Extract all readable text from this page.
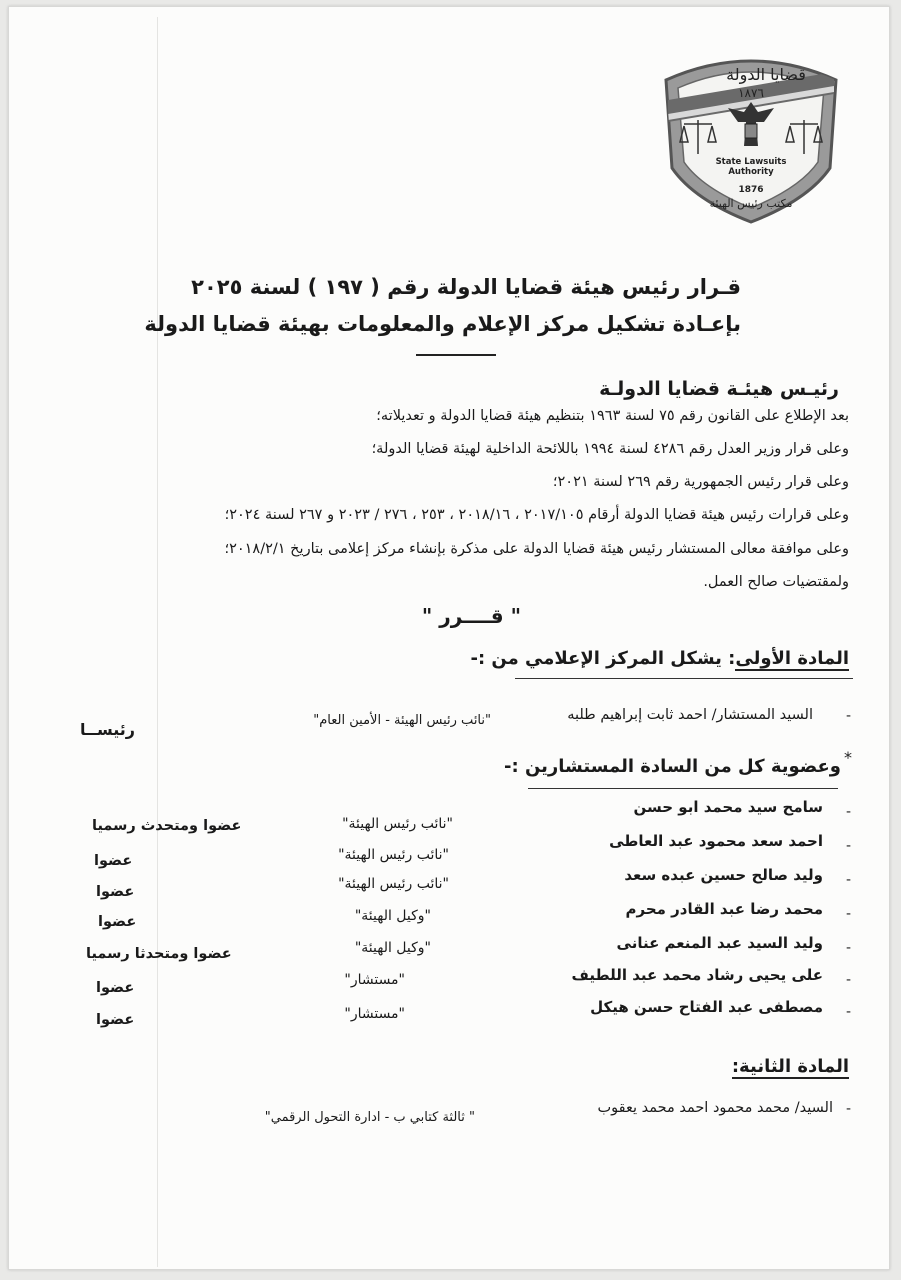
قضايا الدولة
١٨٧٦
State Lawsuits
Authority
1876
مكتب رئيس الهيئة
قـرار رئيس هيئة قضايا الدولة رقم ( ١٩٧ ) لسنة ٢٠٢٥
بإعـادة تشكيل مركز الإعلام والمعلومات بهيئة قضايا الدولة
رئيـس هيئـة قضايا الدولـة
بعد الإطلاع على القانون رقم ٧٥ لسنة ١٩٦٣ بتنظيم هيئة قضايا الدولة و تعديلاته؛
وعلى قرار وزير العدل رقم ٤٢٨٦ لسنة ١٩٩٤ باللائحة الداخلية لهيئة قضايا الدولة؛
وعلى قرار رئيس الجمهورية رقم ٢٦٩ لسنة ٢٠٢١؛
وعلى قرارات رئيس هيئة قضايا الدولة أرقام ٢٠١٧/١٠٥ ، ٢٠١٨/١٦ ، ٢٥٣ ، ٢٧٦ / ٢٠٢٣ و ٢٦٧ لسنة ٢٠٢٤؛
وعلى موافقة معالى المستشار رئيس هيئة قضايا الدولة على مذكرة بإنشاء مركز إعلامى بتاريخ ٢٠١٨/٢/١؛
ولمقتضيات صالح العمل.
" قــــرر "
المادة الأولى: يشكل المركز الإعلامي من :-
-
السيد المستشار/ احمد ثابت إبراهيم طلبه
"نائب رئيس الهيئة - الأمين العام"
رئيســا
*
وعضوية كل من السادة المستشارين :-
-
سامح سيد محمد ابو حسن
"نائب رئيس الهيئة"
عضوا ومتحدث رسميا
-
احمد سعد محمود عبد العاطى
"نائب رئيس الهيئة"
عضوا
-
وليد صالح حسين عبده سعد
"نائب رئيس الهيئة"
عضوا
-
محمد رضا عبد القادر محرم
"وكيل الهيئة"
عضوا
-
وليد السيد عبد المنعم عنانى
"وكيل الهيئة"
عضوا ومتحدثا رسميا
-
على يحيى رشاد محمد عبد اللطيف
"مستشار"
عضوا
-
مصطفى عبد الفتاح حسن هيكل
"مستشار"
عضوا
المادة الثانية:
-
السيد/ محمد محمود احمد محمد يعقوب
" ثالثة كتابي ب - ادارة التحول الرقمي"
